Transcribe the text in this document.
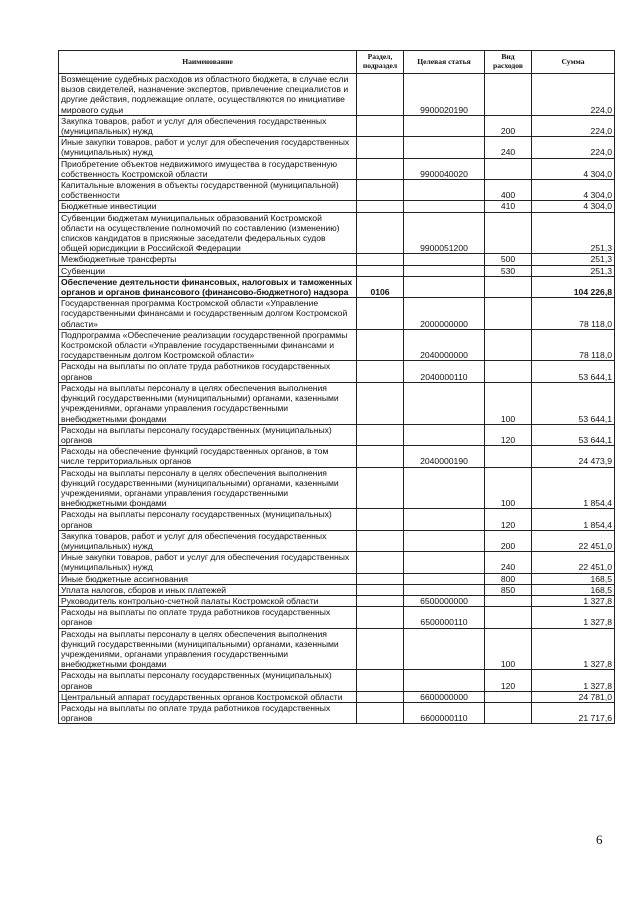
Наименование	Раздел, подраздел	Целевая статья	Вид расходов	Сумма
Возмещение судебных расходов из областного бюджета, в случае если вызов свидетелей, назначение экспертов, привлечение специалистов и другие действия, подлежащие оплате, осуществляются по инициативе мирового судьи		9900020190		224,0
Закупка товаров, работ и услуг для обеспечения государственных (муниципальных) нужд			200	224,0
Иные закупки товаров, работ и услуг для обеспечения государственных (муниципальных) нужд			240	224,0
Приобретение объектов недвижимого имущества в государственную собственность Костромской области		9900040020		4 304,0
Капитальные вложения в объекты государственной (муниципальной) собственности			400	4 304,0
Бюджетные инвестиции			410	4 304,0
Субвенции бюджетам муниципальных образований Костромской области на осуществление полномочий по составлению (изменению) списков кандидатов в присяжные заседатели федеральных судов общей юрисдикции в Российской Федерации		9900051200		251,3
Межбюджетные трансферты			500	251,3
Субвенции			530	251,3
Обеспечение деятельности финансовых, налоговых и таможенных органов и органов финансового (финансово-бюджетного) надзора	0106			104 226,8
Государственная программа Костромской области «Управление государственными финансами и государственным долгом Костромской области»		2000000000		78 118,0
Подпрограмма «Обеспечение реализации государственной программы Костромской области «Управление государственными финансами и государственным долгом Костромской области»		2040000000		78 118,0
Расходы на выплаты по оплате труда работников государственных органов		2040000110		53 644,1
Расходы на выплаты персоналу в целях обеспечения выполнения функций государственными (муниципальными) органами, казенными учреждениями, органами управления государственными внебюджетными фондами			100	53 644,1
Расходы на выплаты персоналу государственных (муниципальных) органов			120	53 644,1
Расходы на обеспечение функций государственных органов, в том числе территориальных органов		2040000190		24 473,9
Расходы на выплаты персоналу в целях обеспечения выполнения функций государственными (муниципальными) органами, казенными учреждениями, органами управления государственными внебюджетными фондами			100	1 854,4
Расходы на выплаты персоналу государственных (муниципальных) органов			120	1 854,4
Закупка товаров, работ и услуг для обеспечения государственных (муниципальных) нужд			200	22 451,0
Иные закупки товаров, работ и услуг для обеспечения государственных (муниципальных) нужд			240	22 451,0
Иные бюджетные ассигнования			800	168,5
Уплата налогов, сборов и иных платежей			850	168,5
Руководитель контрольно-счетной палаты Костромской области		6500000000		1 327,8
Расходы на выплаты по оплате труда работников государственных органов		6500000110		1 327,8
Расходы на выплаты персоналу в целях обеспечения выполнения функций государственными (муниципальными) органами, казенными учреждениями, органами управления государственными внебюджетными фондами			100	1 327,8
Расходы на выплаты персоналу государственных (муниципальных) органов			120	1 327,8
Центральный аппарат государственных органов Костромской области		6600000000		24 781,0
Расходы на выплаты по оплате труда работников государственных органов		6600000110		21 717,6
6
